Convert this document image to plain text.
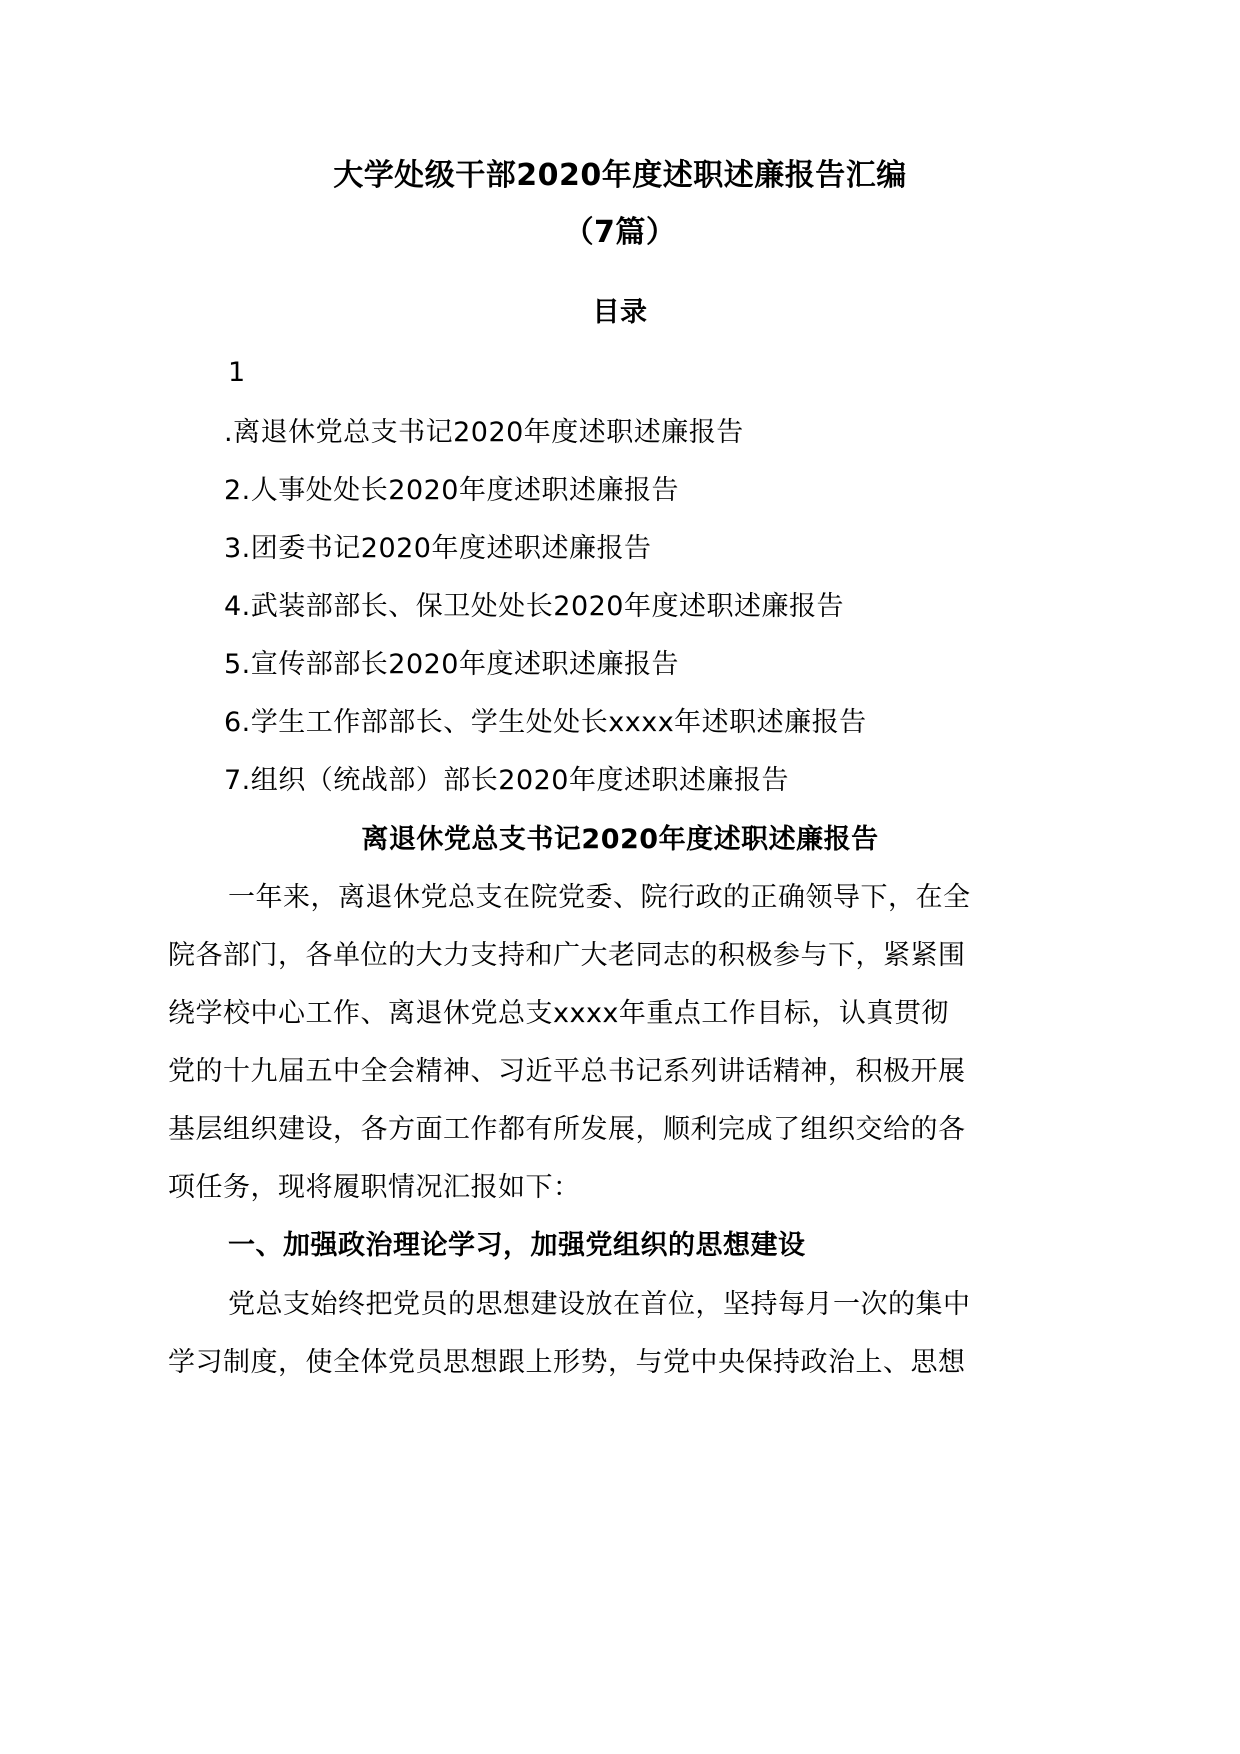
大学处级干部2020年度述职述廉报告汇编
（7篇）
目录
1
.离退休党总支书记2020年度述职述廉报告
2.人事处处长2020年度述职述廉报告
3.团委书记2020年度述职述廉报告
4.武装部部长、保卫处处长2020年度述职述廉报告
5.宣传部部长2020年度述职述廉报告
6.学生工作部部长、学生处处长xxxx年述职述廉报告
7.组织（统战部）部长2020年度述职述廉报告
离退休党总支书记2020年度述职述廉报告
一年来，离退休党总支在院党委、院行政的正确领导下，在全
院各部门，各单位的大力支持和广大老同志的积极参与下，紧紧围
绕学校中心工作、离退休党总支xxxx年重点工作目标，认真贯彻
党的十九届五中全会精神、习近平总书记系列讲话精神，积极开展
基层组织建设，各方面工作都有所发展，顺利完成了组织交给的各
项任务，现将履职情况汇报如下：
一、加强政治理论学习，加强党组织的思想建设
党总支始终把党员的思想建设放在首位，坚持每月一次的集中
学习制度，使全体党员思想跟上形势，与党中央保持政治上、思想
